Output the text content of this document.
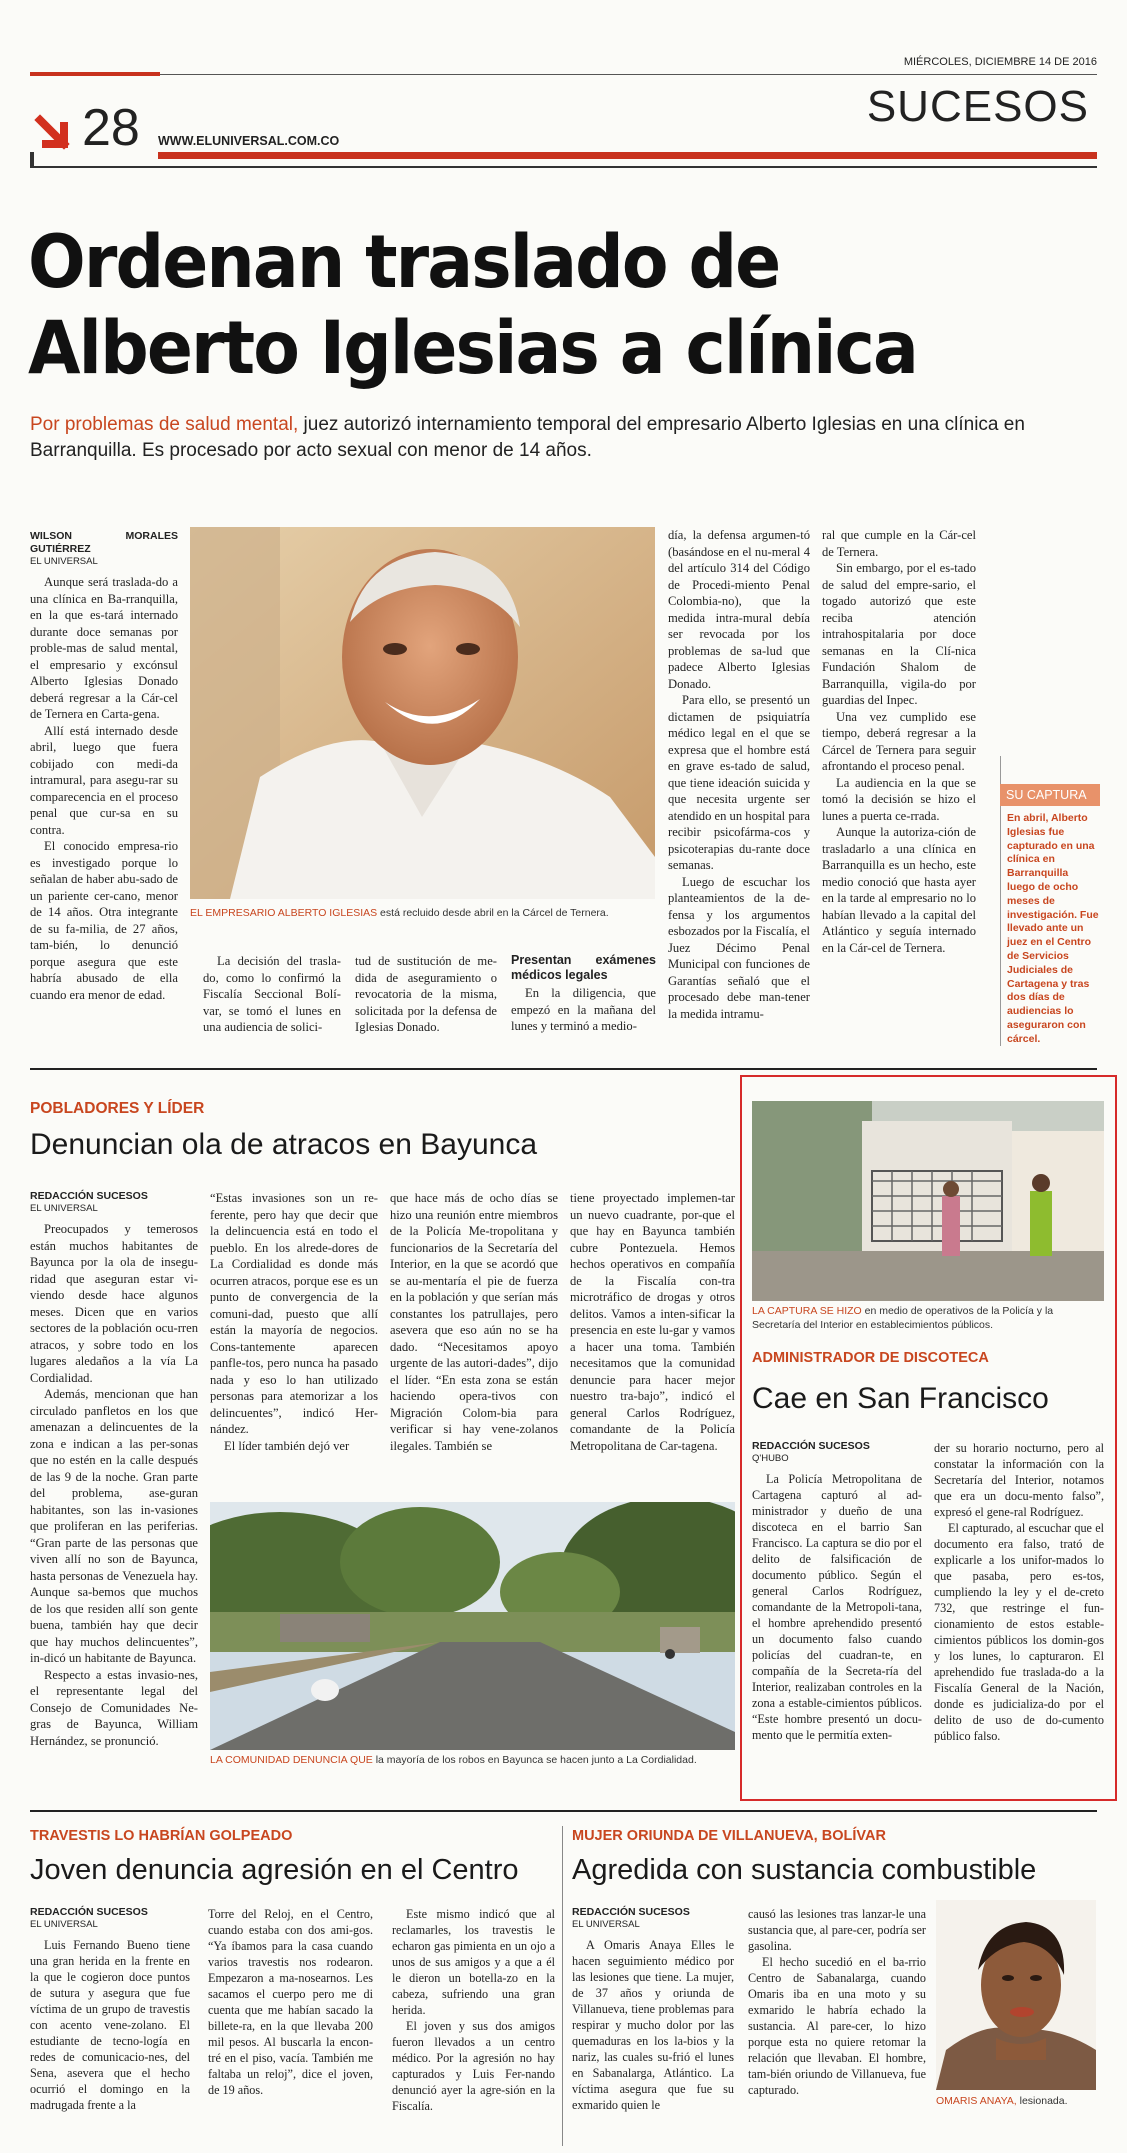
MIÉRCOLES, DICIEMBRE 14 DE 2016
SUCESOS
28 WWW.ELUNIVERSAL.COM.CO
Ordenan traslado de
Alberto Iglesias a clínica
Por problemas de salud mental, juez autorizó internamiento temporal del empresario Alberto Iglesias en una clínica en Barranquilla. Es procesado por acto sexual con menor de 14 años.
WILSON MORALES GUTIÉRREZ
EL UNIVERSAL

Aunque será traslada-do a una clínica en Ba-rranquilla, en la que es-tará internado durante doce semanas por proble-mas de salud mental, el empresario y excónsul Alberto Iglesias Donado deberá regresar a la Cár-cel de Ternera en Carta-gena.

Allí está internado desde abril, luego que fuera cobijado con medi-da intramural, para asegu-rar su comparecencia en el proceso penal que cur-sa en su contra.

El conocido empresa-rio es investigado porque lo señalan de haber abu-sado de un pariente cer-cano, menor de 14 años. Otra integrante de su fa-milia, de 27 años, tam-bién, lo denunció porque asegura que este habría abusado de ella cuando era menor de edad.

EL EMPRESARIO ALBERTO IGLESIAS está recluido desde abril en la Cárcel de Ternera.

La decisión del trasla-do, como lo confirmó la Fiscalía Seccional Bolí-var, se tomó el lunes en una audiencia de solici-

tud de sustitución de me-dida de aseguramiento o revocatoria de la misma, solicitada por la defensa de Iglesias Donado.

Presentan exámenes médicos legales

En la diligencia, que empezó en la mañana del lunes y terminó a medio-

día, la defensa argumen-tó (basándose en el nu-meral 4 del artículo 314 del Código de Procedi-miento Penal Colombia-no), que la medida intra-mural debía ser revocada por los problemas de sa-lud que padece Alberto Iglesias Donado.

Para ello, se presentó un dictamen de psiquiatría médico legal en el que se expresa que el hombre está en grave es-tado de salud, que tiene ideación suicida y que necesita urgente ser atendido en un hospital para recibir psicofárma-cos y psicoterapias du-rante doce semanas.

Luego de escuchar los planteamientos de la de-fensa y los argumentos esbozados por la Fiscalía, el Juez Décimo Penal Municipal con funciones de Garantías señaló que el procesado debe man-tener la medida intramu-

ral que cumple en la Cár-cel de Ternera.

Sin embargo, por el es-tado de salud del empre-sario, el togado autorizó que este reciba atención intrahospitalaria por doce semanas en la Clí-nica Fundación Shalom de Barranquilla, vigila-do por guardias del Inpec.

Una vez cumplido ese tiempo, deberá regresar a la Cárcel de Ternera para seguir afrontando el proceso penal.

La audiencia en la que se tomó la decisión se hizo el lunes a puerta ce-rrada.

Aunque la autoriza-ción de trasladarlo a una clínica en Barranquilla es un hecho, este medio conoció que hasta ayer en la tarde al empresario no lo habían llevado a la capital del Atlántico y seguía internado en la Cár-cel de Ternera.

SU CAPTURA
En abril, Alberto Iglesias fue capturado en una clínica en Barranquilla luego de ocho meses de investigación. Fue llevado ante un juez en el Centro de Servicios Judiciales de Cartagena y tras dos días de audiencias lo aseguraron con cárcel.
POBLADORES Y LÍDER
Denuncian ola de atracos en Bayunca
REDACCIÓN SUCESOS
EL UNIVERSAL

Preocupados y temerosos están muchos habitantes de Bayunca por la ola de insegu-ridad que aseguran estar vi-viendo desde hace algunos meses. Dicen que en varios sectores de la población ocu-rren atracos, y sobre todo en los lugares aledaños a la vía La Cordialidad.

Además, mencionan que han circulado panfletos en los que amenazan a delincuentes de la zona e indican a las per-sonas que no estén en la calle después de las 9 de la noche. Gran parte del problema, ase-guran habitantes, son las in-vasiones que proliferan en las periferias. “Gran parte de las personas que viven allí no son de Bayunca, hasta personas de Venezuela hay. Aunque sa-bemos que muchos de los que residen allí son gente buena, también hay que decir que hay muchos delincuentes”, in-dicó un habitante de Bayunca.

Respecto a estas invasio-nes, el representante legal del Consejo de Comunidades Ne-gras de Bayunca, William Hernández, se pronunció.

“Estas invasiones son un re-ferente, pero hay que decir que la delincuencia está en todo el pueblo. En los alrede-dores de La Cordialidad es donde más ocurren atracos, porque ese es un punto de convergencia de la comuni-dad, puesto que allí están la mayoría de negocios. Cons-tantemente aparecen panfle-tos, pero nunca ha pasado nada y eso lo han utilizado personas para atemorizar a los delincuentes”, indicó Her-nández.

El líder también dejó ver

que hace más de ocho días se hizo una reunión entre miembros de la Policía Me-tropolitana y funcionarios de la Secretaría del Interior, en la que se acordó que se au-mentaría el pie de fuerza en la población y que serían más constantes los patrullajes, pero asevera que eso aún no se ha dado. “Necesitamos apoyo urgente de las autori-dades”, dijo el líder. “En esta zona se están haciendo opera-tivos con Migración Colom-bia para verificar si hay vene-zolanos ilegales. También se

tiene proyectado implemen-tar un nuevo cuadrante, por-que el que hay en Bayunca también cubre Pontezuela. Hemos hechos operativos en compañía de la Fiscalía con-tra microtráfico de drogas y otros delitos. Vamos a inten-sificar la presencia en este lu-gar y vamos a hacer una toma. También necesitamos que la comunidad denuncie para hacer mejor nuestro tra-bajo”, indicó el general Carlos Rodríguez, comandante de la Policía Metropolitana de Car-tagena.

LA COMUNIDAD DENUNCIA QUE la mayoría de los robos en Bayunca se hacen junto a La Cordialidad.
LA CAPTURA SE HIZO en medio de operativos de la Policía y la Secretaría del Interior en establecimientos públicos.
ADMINISTRADOR DE DISCOTECA
Cae en San Francisco
REDACCIÓN SUCESOS
Q'HUBO

La Policía Metropolitana de Cartagena capturó al ad-ministrador y dueño de una discoteca en el barrio San Francisco. La captura se dio por el delito de falsificación de documento público. Según el general Carlos Rodríguez, comandante de la Metropoli-tana, el hombre aprehendido presentó un documento falso cuando policías del cuadran-te, en compañía de la Secreta-ría del Interior, realizaban controles en la zona a estable-cimientos públicos. “Este hombre presentó un docu-mento que le permitía exten-

der su horario nocturno, pero al constatar la información con la Secretaría del Interior, notamos que era un docu-mento falso”, expresó el gene-ral Rodríguez.

El capturado, al escuchar que el documento era falso, trató de explicarle a los unifor-mados lo que pasaba, pero es-tos, cumpliendo la ley y el de-creto 732, que restringe el fun-cionamiento de estos estable-cimientos públicos los domin-gos y los lunes, lo capturaron. El aprehendido fue traslada-do a la Fiscalía General de la Nación, donde es judicializa-do por el delito de uso de do-cumento público falso.

TRAVESTIS LO HABRÍAN GOLPEADO
Joven denuncia agresión en el Centro
REDACCIÓN SUCESOS
EL UNIVERSAL

Luis Fernando Bueno tiene una gran herida en la frente en la que le cogieron doce puntos de sutura y asegura que fue víctima de un grupo de travestis con acento vene-zolano. El estudiante de tecno-logía en redes de comunicacio-nes, del Sena, asevera que el hecho ocurrió el domingo en la madrugada frente a la

Torre del Reloj, en el Centro, cuando estaba con dos ami-gos. “Ya íbamos para la casa cuando varios travestis nos rodearon. Empezaron a ma-nosearnos. Les sacamos el cuerpo pero me di cuenta que me habían sacado la billete-ra, en la que llevaba 200 mil pesos. Al buscarla la encon-tré en el piso, vacía. También me faltaba un reloj”, dice el joven, de 19 años.

Este mismo indicó que al reclamarles, los travestis le echaron gas pimienta en un ojo a unos de sus amigos y a que a él le dieron un botella-zo en la cabeza, sufriendo una gran herida.

El joven y sus dos amigos fueron llevados a un centro médico. Por la agresión no hay capturados y Luis Fer-nando denunció ayer la agre-sión en la Fiscalía.

MUJER ORIUNDA DE VILLANUEVA, BOLÍVAR
Agredida con sustancia combustible
REDACCIÓN SUCESOS
EL UNIVERSAL

A Omaris Anaya Elles le hacen seguimiento médico por las lesiones que tiene. La mujer, de 37 años y oriunda de Villanueva, tiene problemas para respirar y mucho dolor por las quemaduras en los la-bios y la nariz, las cuales su-frió el lunes en Sabanalarga, Atlántico. La víctima asegura que fue su exmarido quien le

causó las lesiones tras lanzar-le una sustancia que, al pare-cer, podría ser gasolina.

El hecho sucedió en el ba-rrio Centro de Sabanalarga, cuando Omaris iba en una moto y su exmarido le habría echado la sustancia. Al pare-cer, lo hizo porque esta no quiere retomar la relación que llevaban. El hombre, tam-bién oriundo de Villanueva, fue capturado.

OMARIS ANAYA, lesionada.
